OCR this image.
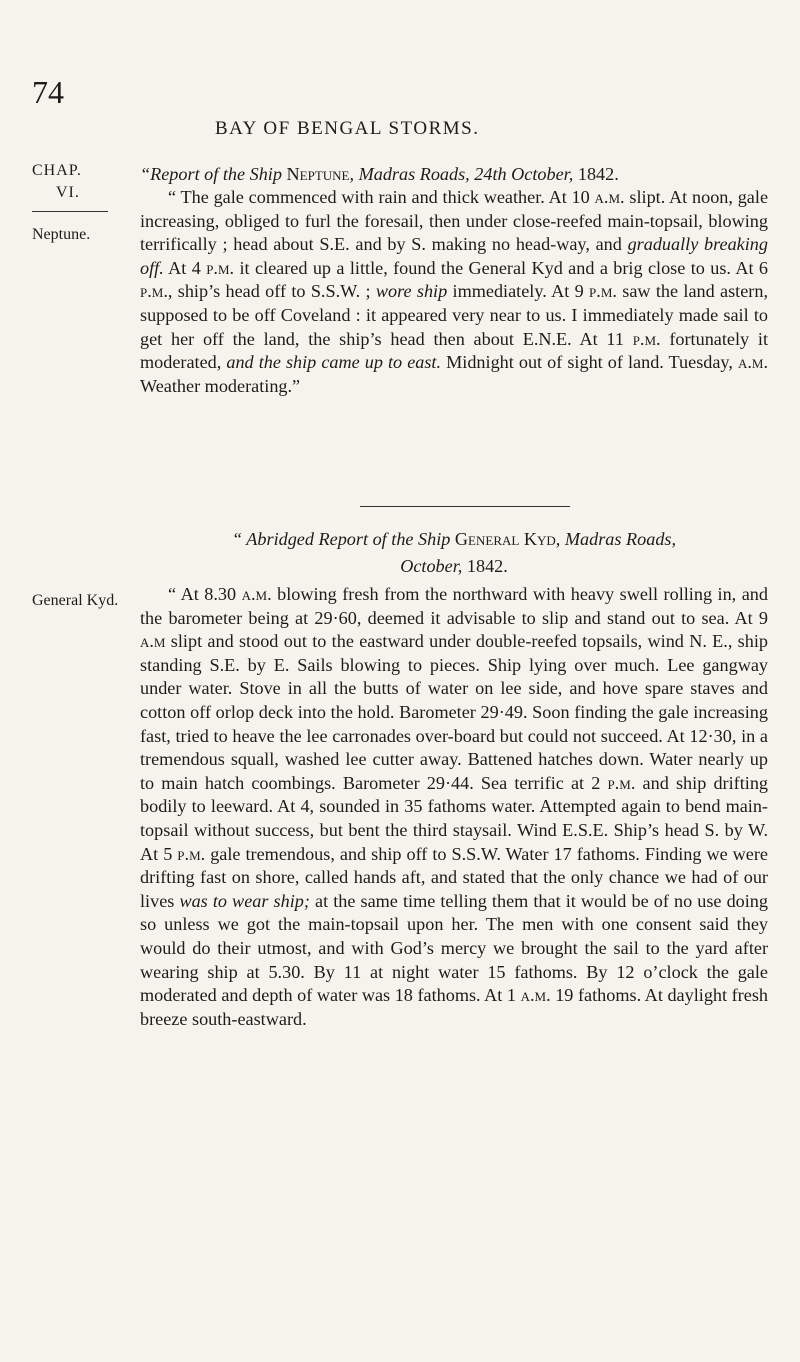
74
BAY OF BENGAL STORMS.
CHAP.
VI.
Neptune.
General Kyd.
“Report of the Ship Neptune, Madras Roads, 24th October, 1842.
“ The gale commenced with rain and thick weather. At 10 a.m. slipt. At noon, gale increasing, obliged to furl the foresail, then under close-reefed main-topsail, blowing terrifically ; head about S.E. and by S. making no head-way, and gradually breaking off. At 4 p.m. it cleared up a little, found the General Kyd and a brig close to us. At 6 p.m., ship’s head off to S.S.W. ; wore ship immediately. At 9 p.m. saw the land astern, supposed to be off Coveland : it appeared very near to us. I immediately made sail to get her off the land, the ship’s head then about E.N.E. At 11 p.m. fortunately it moderated, and the ship came up to east. Midnight out of sight of land. Tuesday, a.m. Weather moderating.”
“ Abridged Report of the Ship General Kyd, Madras Roads,
October, 1842.
“ At 8.30 a.m. blowing fresh from the northward with heavy swell rolling in, and the barometer being at 29·60, deemed it advisable to slip and stand out to sea. At 9 a.m slipt and stood out to the eastward under double-reefed topsails, wind N. E., ship standing S.E. by E. Sails blowing to pieces. Ship lying over much. Lee gangway under water. Stove in all the butts of water on lee side, and hove spare staves and cotton off orlop deck into the hold. Barometer 29·49. Soon finding the gale increasing fast, tried to heave the lee carronades over-board but could not succeed. At 12·30, in a tremendous squall, washed lee cutter away. Battened hatches down. Water nearly up to main hatch coombings. Barometer 29·44. Sea terrific at 2 p.m. and ship drifting bodily to leeward. At 4, sounded in 35 fathoms water. Attempted again to bend main-topsail without success, but bent the third staysail. Wind E.S.E. Ship’s head S. by W. At 5 p.m. gale tremendous, and ship off to S.S.W. Water 17 fathoms. Finding we were drifting fast on shore, called hands aft, and stated that the only chance we had of our lives was to wear ship; at the same time telling them that it would be of no use doing so unless we got the main-topsail upon her. The men with one consent said they would do their utmost, and with God’s mercy we brought the sail to the yard after wearing ship at 5.30. By 11 at night water 15 fathoms. By 12 o’clock the gale moderated and depth of water was 18 fathoms. At 1 a.m. 19 fathoms. At daylight fresh breeze south-eastward.
